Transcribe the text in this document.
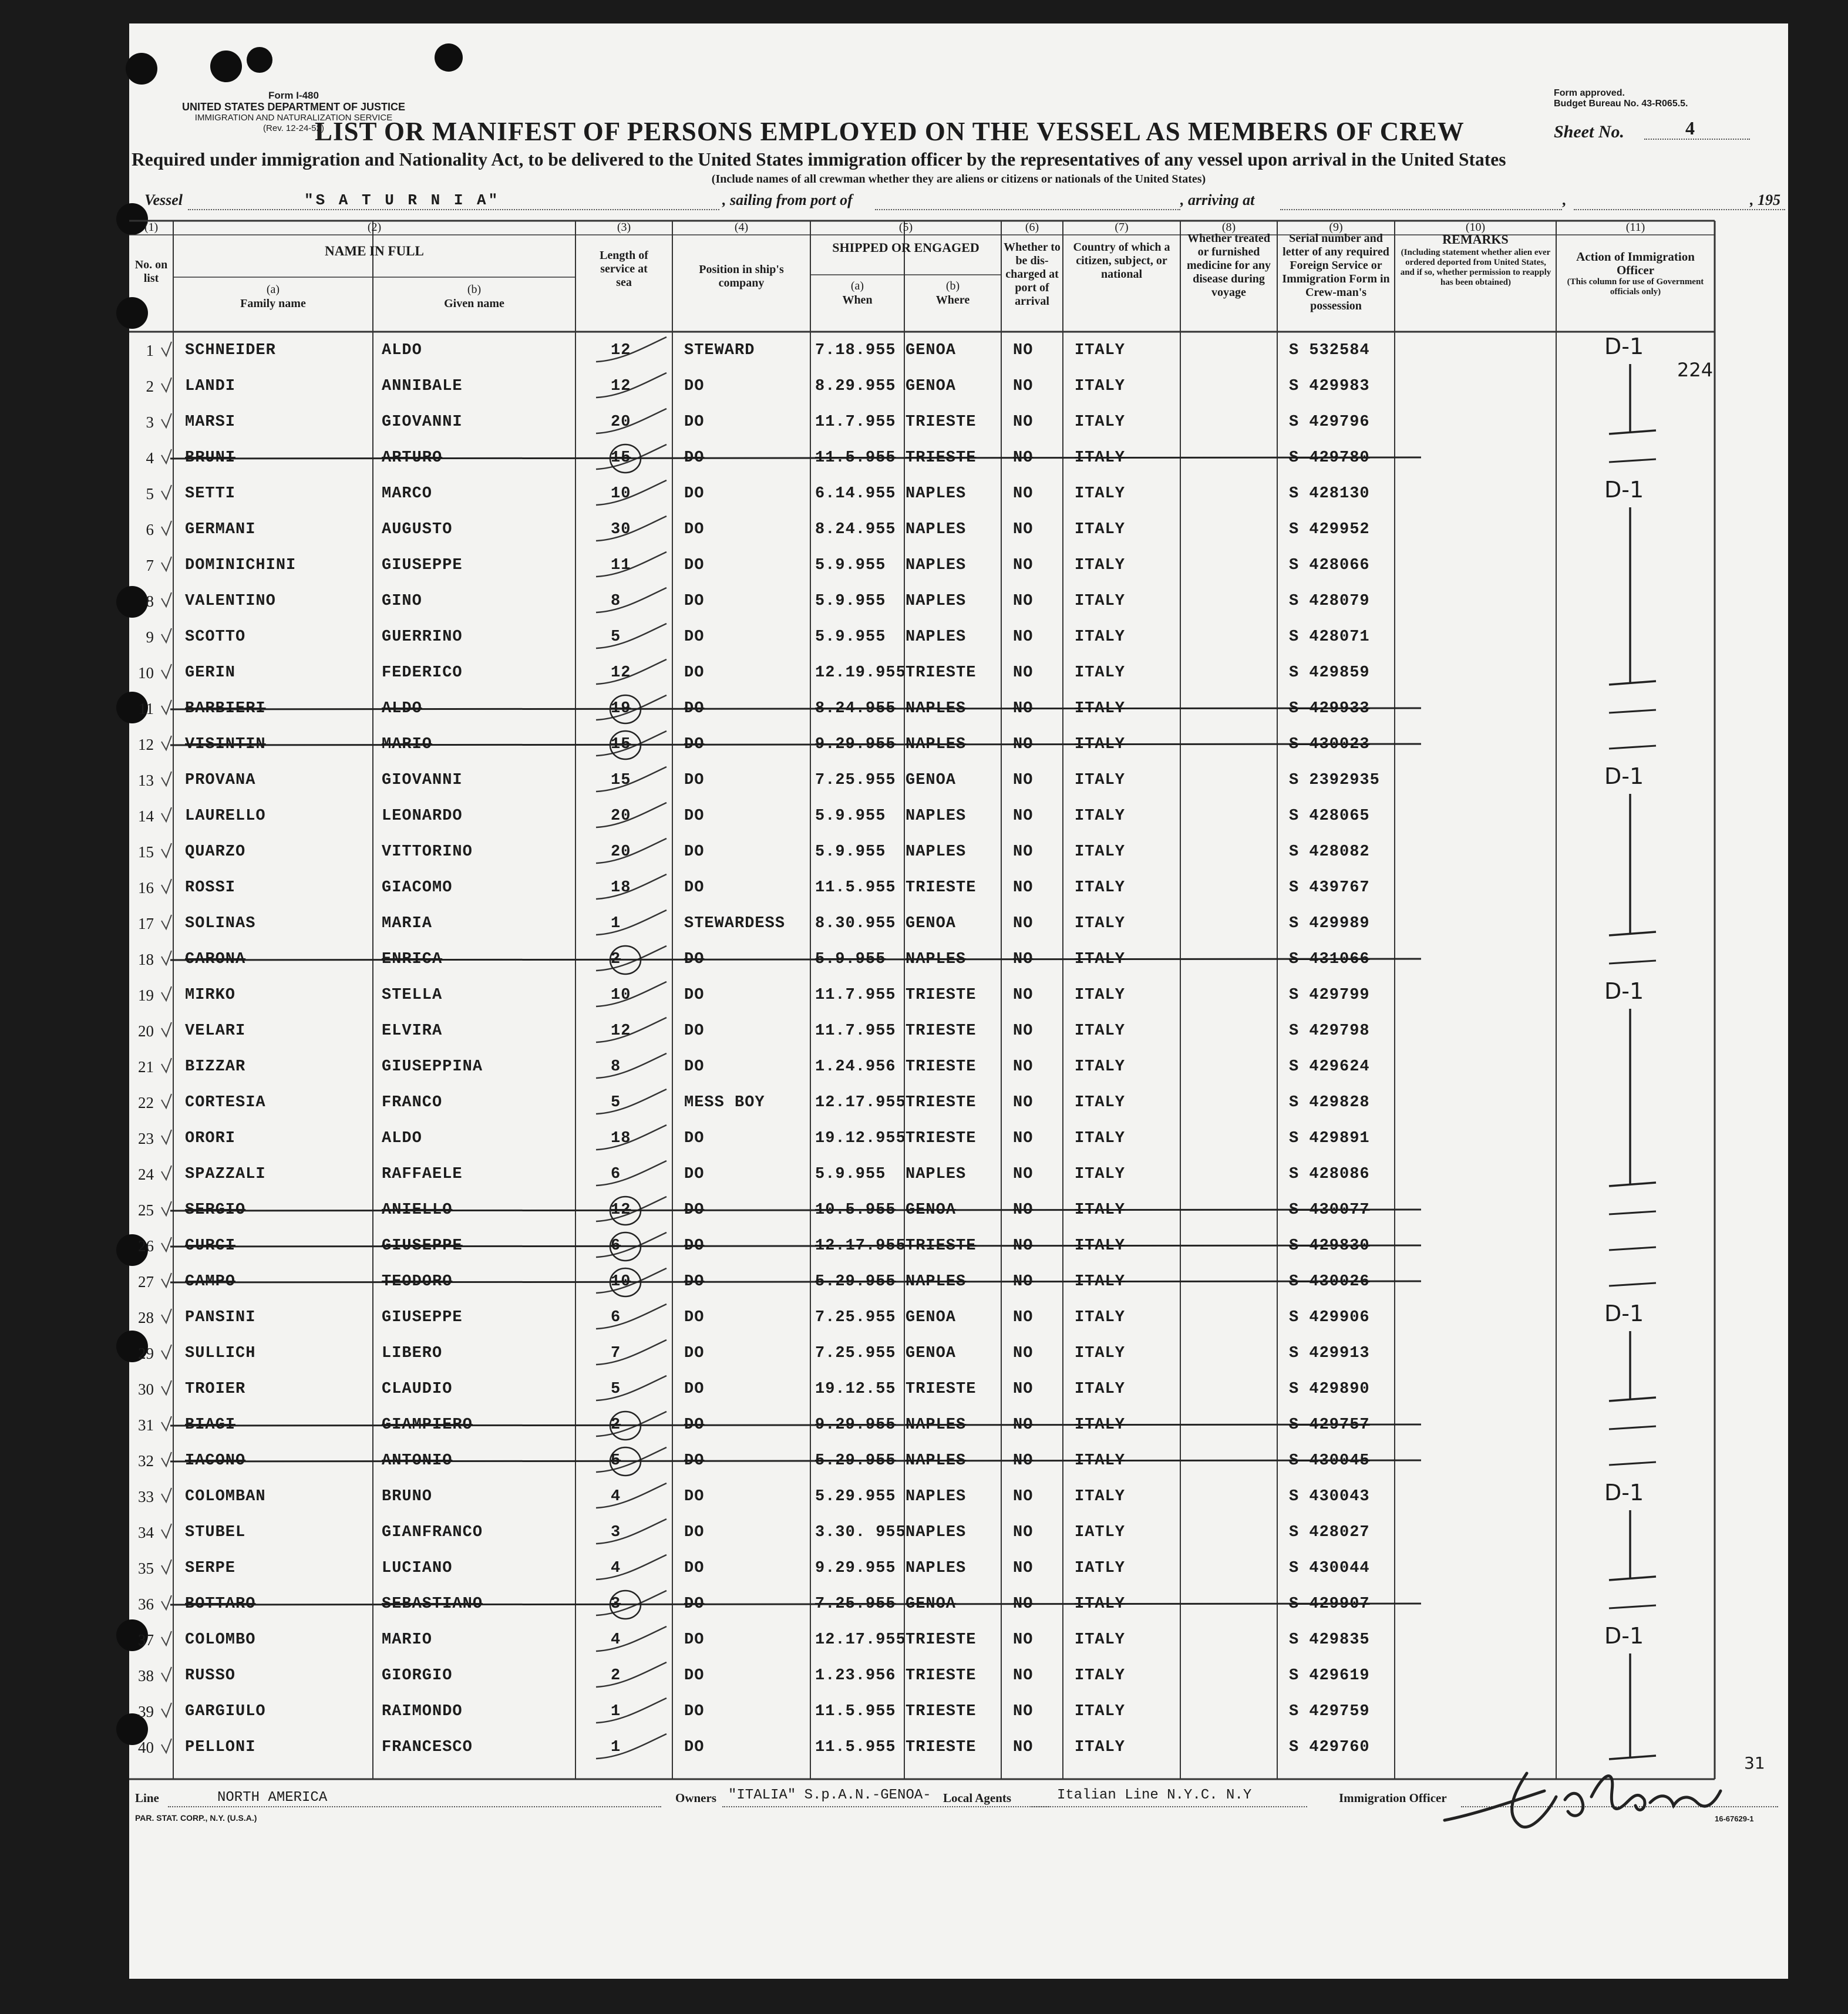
Form I-480
UNITED STATES DEPARTMENT OF JUSTICE
IMMIGRATION AND NATURALIZATION SERVICE
(Rev. 12-24-52)
Form approved.
Budget Bureau No. 43-R065.5.
LIST OR MANIFEST OF PERSONS EMPLOYED ON THE VESSEL AS MEMBERS OF CREW	Sheet No.	4
Required under immigration and Nationality Act, to be delivered to the United States immigration officer by the representatives of any vessel upon arrival in the United States
(Include names of all crewman whether they are aliens or citizens or nationals of the United States)
Vessel	"S A T U R N I A"	, sailing from port of	, arriving at	,	, 195
(1)
No. on list
(2)
NAME IN FULL
(a)
Family name
(b)
Given name
(3)
Length of service at sea
(4)
Position in ship's company
(5)
SHIPPED OR ENGAGED
(a)
When
(b)
Where
(6)
Whether to be dis-charged at port of arrival
(7)
Country of which a citizen, subject, or national
(8)
Whether treated or furnished medicine for any disease during voyage
(9)
Serial number and letter of any required Foreign Service or Immigration Form in Crew-man's possession
(10)
REMARKS
(Including statement whether alien ever ordered deported from United States, and if so, whether permission to reapply has been obtained)
(11)
Action of Immigration Officer
(This column for use of Government officials only)
1 SCHNEIDER	ALDO	12	STEWARD	7.18.955 GENOA	NO	ITALY	S 532584
2 LANDI	ANNIBALE	12	DO	8.29.955 GENOA	NO	ITALY	S 429983
3 MARSI	GIOVANNI	20	DO	11.7.955 TRIESTE NO	ITALY	S 429796
4 BRUNI	ARTURO	15	DO	11.5.955 TRIESTE NO	ITALY	S 429780
5 SETTI	MARCO	10	DO	6.14.955 NAPLES	NO	ITALY	S 428130
6 GERMANI	AUGUSTO	30	DO	8.24.955 NAPLES	NO	ITALY	S 429952
7 DOMINICHINI	GIUSEPPE	11	DO	5.9.955 NAPLES	NO	ITALY	S 428066
8 VALENTINO	GINO	8	DO	5.9.955 NAPLES	NO	ITALY	S 428079
9 SCOTTO	GUERRINO	5	DO	5.9.955 NAPLES	NO	ITALY	S 428071
10 GERIN	FEDERICO	12	DO	12.19.955 TRIESTE NO	ITALY	S 429859
11 BARBIERI	ALDO	19	DO	8.24.955 NAPLES	NO	ITALY	S 429933
12 VISINTIN	MARIO	15	DO	9.29.955 NAPLES	NO	ITALY	S 430023
13 PROVANA	GIOVANNI	15	DO	7.25.955 GENOA	NO	ITALY	S 2392935
14 LAURELLO	LEONARDO	20	DO	5.9.955 NAPLES	NO	ITALY	S 428065
15 QUARZO	VITTORINO	20	DO	5.9.955 NAPLES	NO	ITALY	S 428082
16 ROSSI	GIACOMO	18	DO	11.5.955 TRIESTE NO	ITALY	S 439767
17 SOLINAS	MARIA	1	STEWARDESS 8.30.955 GENOA	NO	ITALY	S 429989
18 CARONA	ENRICA	2	DO	5.9.955 NAPLES	NO	ITALY	S 431066
19 MIRKO	STELLA	10	DO	11.7.955 TRIESTE NO	ITALY	S 429799
20 VELARI	ELVIRA	12	DO	11.7.955 TRIESTE NO	ITALY	S 429798
21 BIZZAR	GIUSEPPINA	8	DO	1.24.956 TRIESTE NO	ITALY	S 429624
22 CORTESIA	FRANCO	5	MESS BOY	12.17.955 TRIESTE NO	ITALY	S 429828
23 ORORI	ALDO	18	DO	19.12.955 TRIESTE NO	ITALY	S 429891
24 SPAZZALI	RAFFAELE	6	DO	5.9.955 NAPLES	NO	ITALY	S 428086
25 SERGIO	ANIELLO	12	DO	10.5.955 GENOA	NO	ITALY	S 430077
26 CURCI	GIUSEPPE	6	DO	12.17.955 TRIESTE NO	ITALY	S 429830
27 CAMPO	TEODORO	10	DO	5.29.955 NAPLES	NO	ITALY	S 430026
28 PANSINI	GIUSEPPE	6	DO	7.25.955 GENOA	NO	ITALY	S 429906
29 SULLICH	LIBERO	7	DO	7.25.955 GENOA	NO	ITALY	S 429913
30 TROIER	CLAUDIO	5	DO	19.12.55 TRIESTE NO	ITALY	S 429890
31 BIAGI	GIAMPIERO	2	DO	9.29.955 NAPLES	NO	ITALY	S 429757
32 IACONO	ANTONIO	5	DO	5.29.955 NAPLES	NO	ITALY	S 430045
33 COLOMBAN	BRUNO	4	DO	5.29.955 NAPLES	NO	ITALY	S 430043
34 STUBEL	GIANFRANCO	3	DO	3.30. 955 NAPLES	NO	IATLY	S 428027
35 SERPE	LUCIANO	4	DO	9.29.955 NAPLES	NO	IATLY	S 430044
36 BOTTARO	SEBASTIANO	3	DO	7.25.955 GENOA	NO	ITALY	S 429907
37 COLOMBO	MARIO	4	DO	12.17.955 TRIESTE NO	ITALY	S 429835
38 RUSSO	GIORGIO	2	DO	1.23.956 TRIESTE NO	ITALY	S 429619
39 GARGIULO	RAIMONDO	1	DO	11.5.955 TRIESTE NO	ITALY	S 429759
40 PELLONI	FRANCESCO	1	DO	11.5.955 TRIESTE NO	ITALY	S 429760
D-1
D-1
D-1
D-1
D-1
D-1
D-1
224
Line	NORTH AMERICA	Owners "ITALIA" S.p.A.N.-GENOA- Local Agents	Italian Line N.Y.C. N.Y	Immigration Officer
31
PAR. STAT. CORP., N.Y. (U.S.A.)	16-67629-1
